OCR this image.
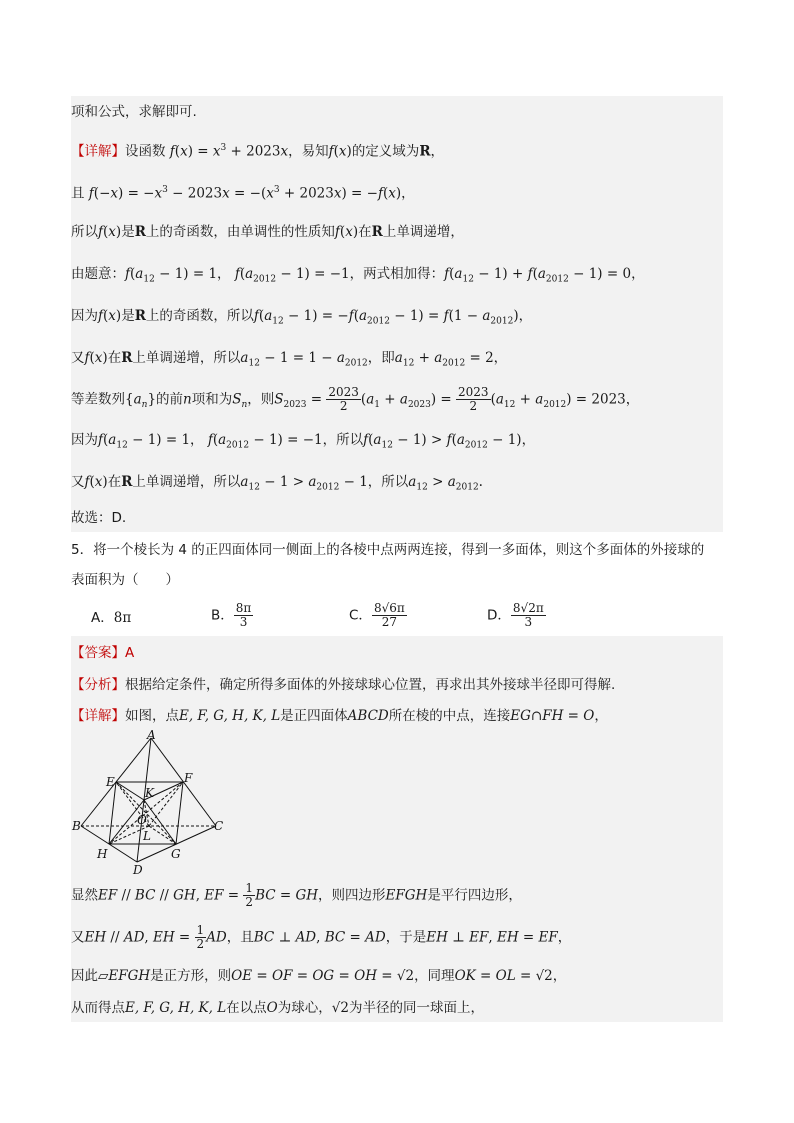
项和公式，求解即可.
【详解】设函数 $f(x) = x^3 + 2023x$，易知f(x)的定义域为R，
且 $f(-x) = -x^3 - 2023x = -(x^3 + 2023x) = -f(x)$，
所以f(x)是R上的奇函数，由单调性的性质知f(x)在R上单调递增，
由题意：$f(a_{12} - 1) = 1$， $f(a_{2012} - 1) = -1$，两式相加得：$f(a_{12} - 1) + f(a_{2012} - 1) = 0$，
因为f(x)是R上的奇函数，所以$f(a_{12} - 1) = -f(a_{2012} - 1) = f(1 - a_{2012})$，
又f(x)在R上单调递增，所以$a_{12} - 1 = 1 - a_{2012}$，即$a_{12} + a_{2012} = 2$，
等差数列$\{a_n\}$的前n项和为$S_n$，则$S_{2023} = \frac{2023}{2} (a_1 + a_{2023}) = \frac{2023}{2} (a_{12} + a_{2012}) = 2023$，
因为$f(a_{12} - 1) = 1$， $f(a_{2012} - 1) = -1$，所以$f(a_{12} - 1) > f(a_{2012} - 1)$，
又f(x)在R上单调递增，所以$a_{12} - 1 > a_{2012} - 1$，所以$a_{12} > a_{2012}$.
故选：D.
5．将一个棱长为 4 的正四面体同一侧面上的各棱中点两两连接，得到一多面体，则这个多面体的外接球的
表面积为（　　）
A．8π	B． $\frac{8\pi}{3}$	C． $\frac{8√6\pi}{27}$	D． $\frac{8√2\pi}{3}$
【答案】A
【分析】根据给定条件，确定所得多面体的外接球球心位置，再求出其外接球半径即可得解.
【详解】如图，点E, F, G, H, K, L是正四面体ABCD所在棱的中点，连接EG∩FH = O，
A
B	C
D
E	F
G
H
K
L
O
显然EF // BC // GH, EF = $\frac{1}{2}$ BC = GH，则四边形EFGH是平行四边形，
又EH // AD, EH = $\frac{1}{2}$ AD，且BC ⊥ AD, BC = AD，于是EH ⊥ EF, EH = EF，
因此▱EFGH是正方形，则OE = OF = OG = OH = √2，同理OK = OL = √2，
从而得点E, F, G, H, K, L在以点O为球心，√2为半径的同一球面上，
